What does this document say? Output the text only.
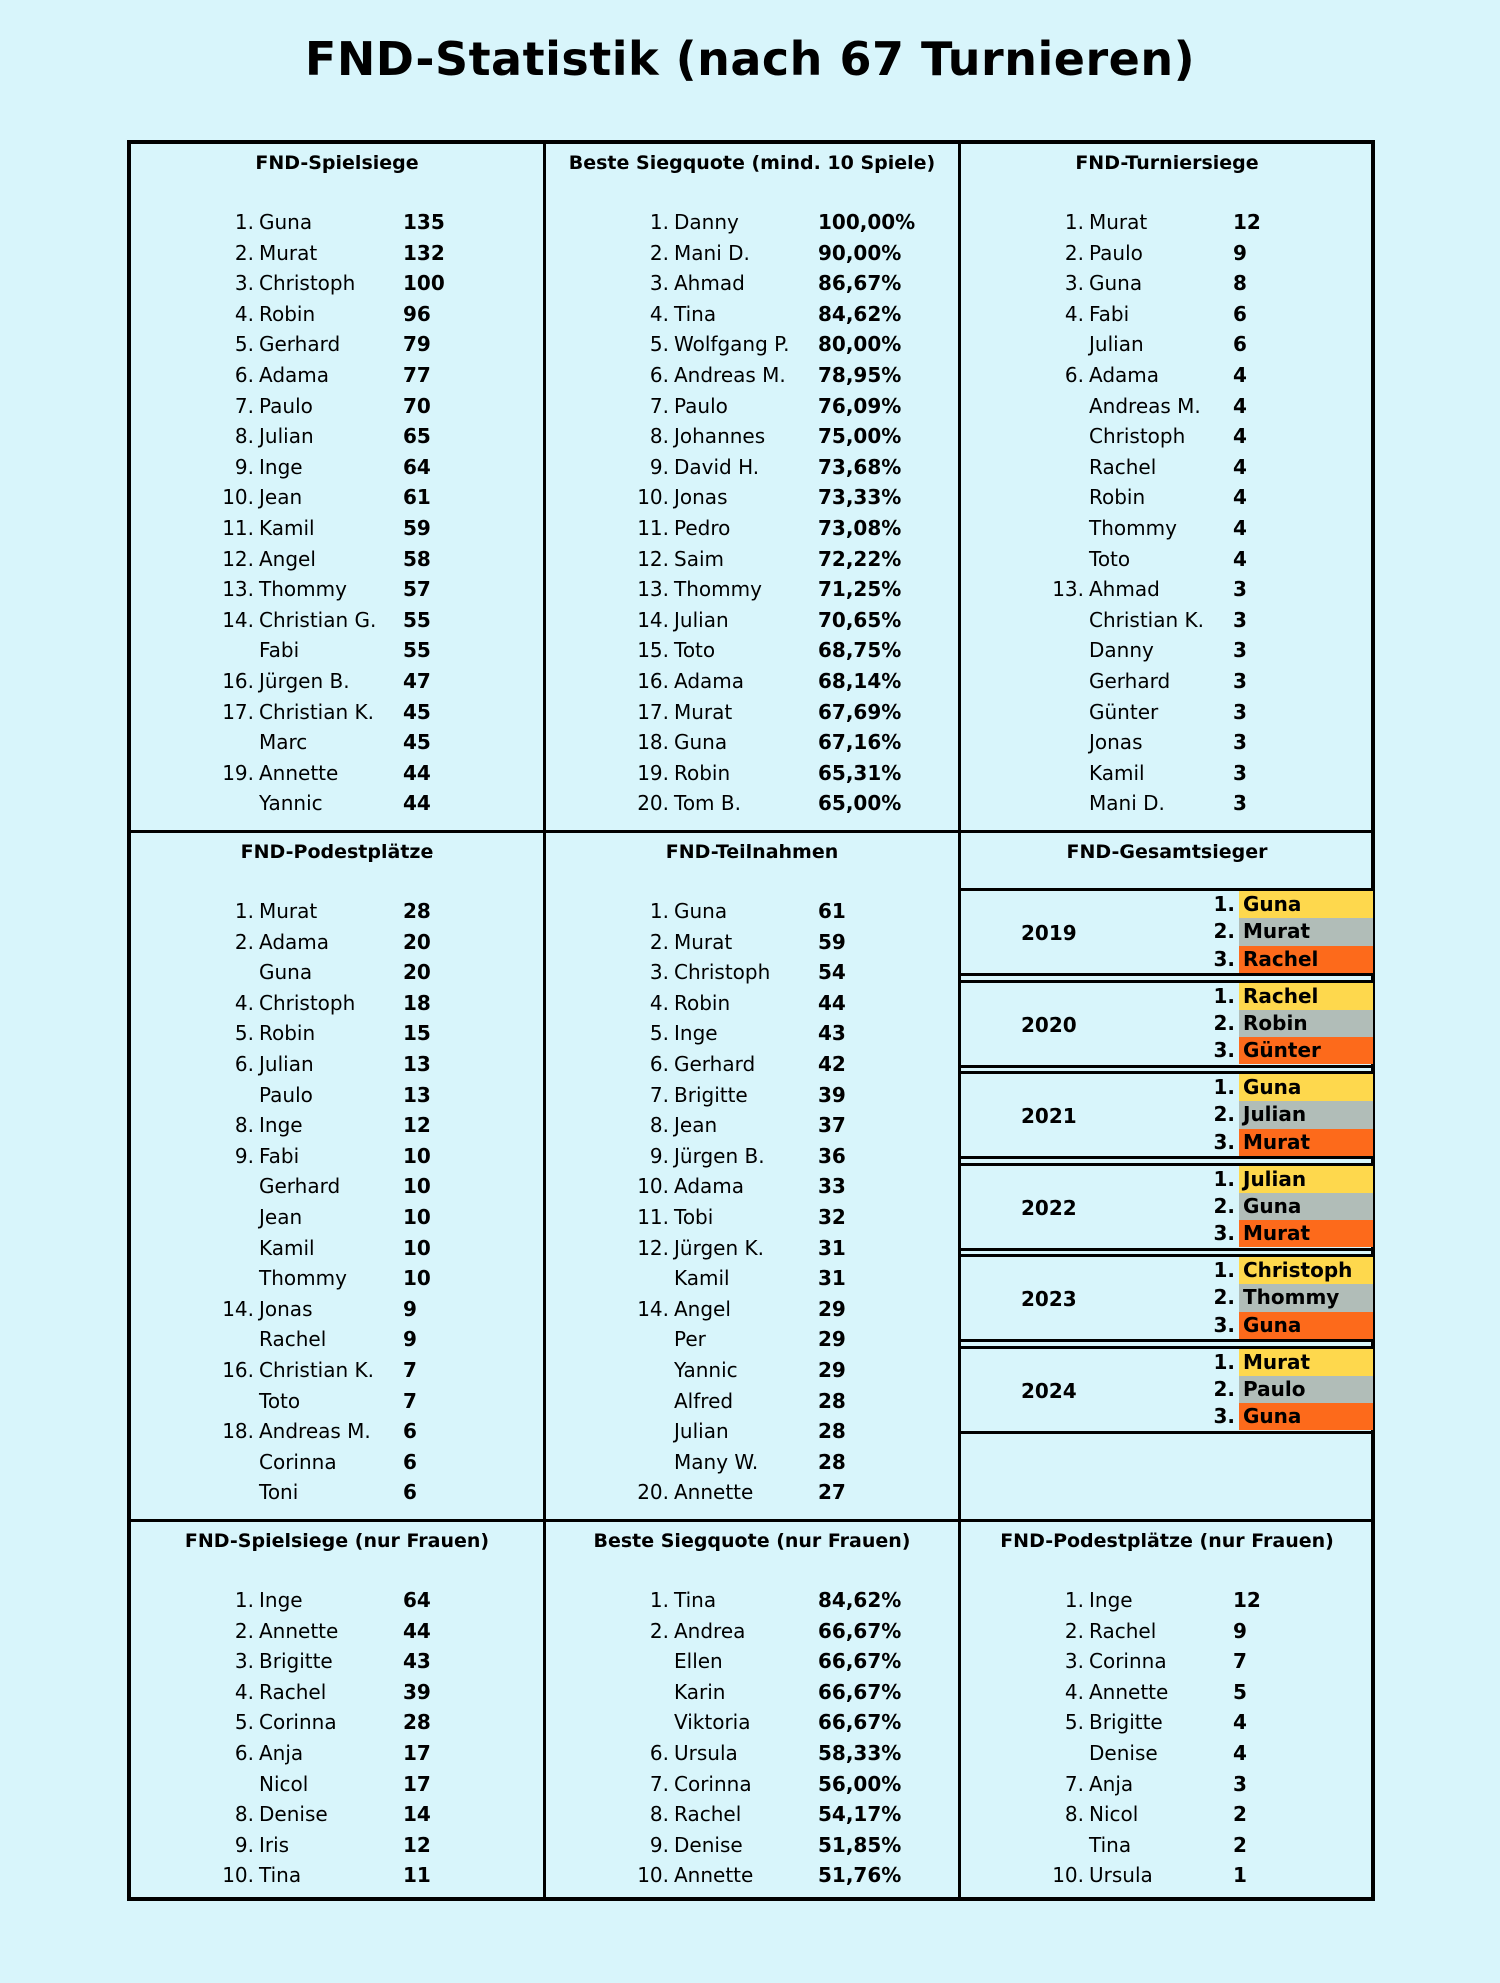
FND-Statistik (nach 67 Turnieren)
FND-Spielsiege
1. Guna	135
2. Murat	132
3. Christoph 100
4. Robin	96
5. Gerhard	79
6. Adama	77
7. Paulo	70
8. Julian	65
9. Inge	64
10. Jean	61
11. Kamil	59
12. Angel	58
13. Thommy	57
14. Christian G. 55
Fabi	55
16. Jürgen B.	47
17. Christian K. 45
Marc	45
19. Annette	44
Yannic	44
Beste Siegquote (mind. 10 Spiele)
1. Danny	100,00%
2. Mani D.	90,00%
3. Ahmad	86,67%
4. Tina	84,62%
5. Wolfgang P. 80,00%
6. Andreas M. 78,95%
7. Paulo	76,09%
8. Johannes	75,00%
9. David H.	73,68%
10. Jonas	73,33%
11. Pedro	73,08%
12. Saim	72,22%
13. Thommy	71,25%
14. Julian	70,65%
15. Toto	68,75%
16. Adama	68,14%
17. Murat	67,69%
18. Guna	67,16%
19. Robin	65,31%
20. Tom B.	65,00%
FND-Turniersiege
1. Murat	12
2. Paulo	9
3. Guna	8
4. Fabi	6
Julian	6
6. Adama	4
Andreas M. 4
Christoph 4
Rachel	4
Robin	4
Thommy	4
Toto	4
13. Ahmad	3
Christian K. 3
Danny	3
Gerhard	3
Günter	3
Jonas	3
Kamil	3
Mani D.	3
FND-Podestplätze
1. Murat	28
2. Adama	20
Guna	20
4. Christoph 18
5. Robin	15
6. Julian	13
Paulo	13
8. Inge	12
9. Fabi	10
Gerhard	10
Jean	10
Kamil	10
Thommy	10
14. Jonas	9
Rachel	9
16. Christian K. 7
Toto	7
18. Andreas M. 6
Corinna	6
Toni	6
FND-Teilnahmen
1. Guna	61
2. Murat	59
3. Christoph 54
4. Robin	44
5. Inge	43
6. Gerhard	42
7. Brigitte	39
8. Jean	37
9. Jürgen B.	36
10. Adama	33
11. Tobi	32
12. Jürgen K.	31
Kamil	31
14. Angel	29
Per	29
Yannic	29
Alfred	28
Julian	28
Many W.	28
20. Annette	27
FND-Gesamtsieger
2019
1. Guna
2. Murat
3. Rachel
2020
1. Rachel
2. Robin
3. Günter
2021
1. Guna
2. Julian
3. Murat
2022
1. Julian
2. Guna
3. Murat
2023
1. Christoph
2. Thommy
3. Guna
2024
1. Murat
2. Paulo
3. Guna
FND-Spielsiege (nur Frauen)
1. Inge	64
2. Annette	44
3. Brigitte	43
4. Rachel	39
5. Corinna	28
6. Anja	17
Nicol	17
8. Denise	14
9. Iris	12
10. Tina	11
Beste Siegquote (nur Frauen)
1. Tina	84,62%
2. Andrea	66,67%
Ellen	66,67%
Karin	66,67%
Viktoria	66,67%
6. Ursula	58,33%
7. Corinna	56,00%
8. Rachel	54,17%
9. Denise	51,85%
10. Annette	51,76%
FND-Podestplätze (nur Frauen)
1. Inge	12
2. Rachel	9
3. Corinna	7
4. Annette	5
5. Brigitte	4
Denise	4
7. Anja	3
8. Nicol	2
Tina	2
10. Ursula	1
